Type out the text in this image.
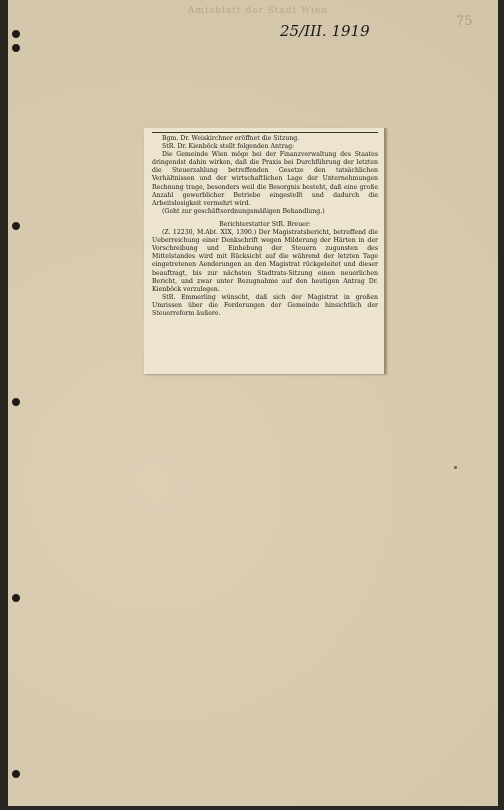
Amtsblatt der Stadt Wien
25/III. 1919
75

Bgm. Dr. Weiskirchner eröffnet die Sitzung.

StR. Dr. Kienböck stellt folgenden Antrag:

Die Gemeinde Wien möge bei der Finanzverwaltung des Staates dringendst dahin wirken, daß die Praxis bei Durchführung der letzten die Steuerzahlung betreffenden Gesetze den tatsächlichen Verhältnissen und der wirtschaftlichen Lage der Unternehmungen Rechnung trage, besonders weil die Besorgnis besteht, daß eine große Anzahl gewerblicher Betriebe eingestellt und dadurch die Arbeitslosigkeit vermehrt wird.

(Geht zur geschäftsordnungsmäßigen Behandlung.)

Berichterstatter StR. Breuer:

(Z. 12230, M.Abt. XIX, 1390.) Der Magistratsbericht, betreffend die Ueberreichung einer Denkschrift wegen Milderung der Härten in der Vorschreibung und Einhebung der Steuern zugunsten des Mittelstandes wird mit Rücksicht auf die während der letzten Tage eingetretenen Aenderungen an den Magistrat rückgeleitet und dieser beauftragt, bis zur nächsten Stadtrats-Sitzung einen neuerlichen Bericht, und zwar unter Bezugnahme auf den heutigen Antrag Dr. Kienböck vorzulegen.

StR. Emmerling wünscht, daß sich der Magistrat in großen Umrissen über die Forderungen der Gemeinde hinsichtlich der Steuerreform äußere.
